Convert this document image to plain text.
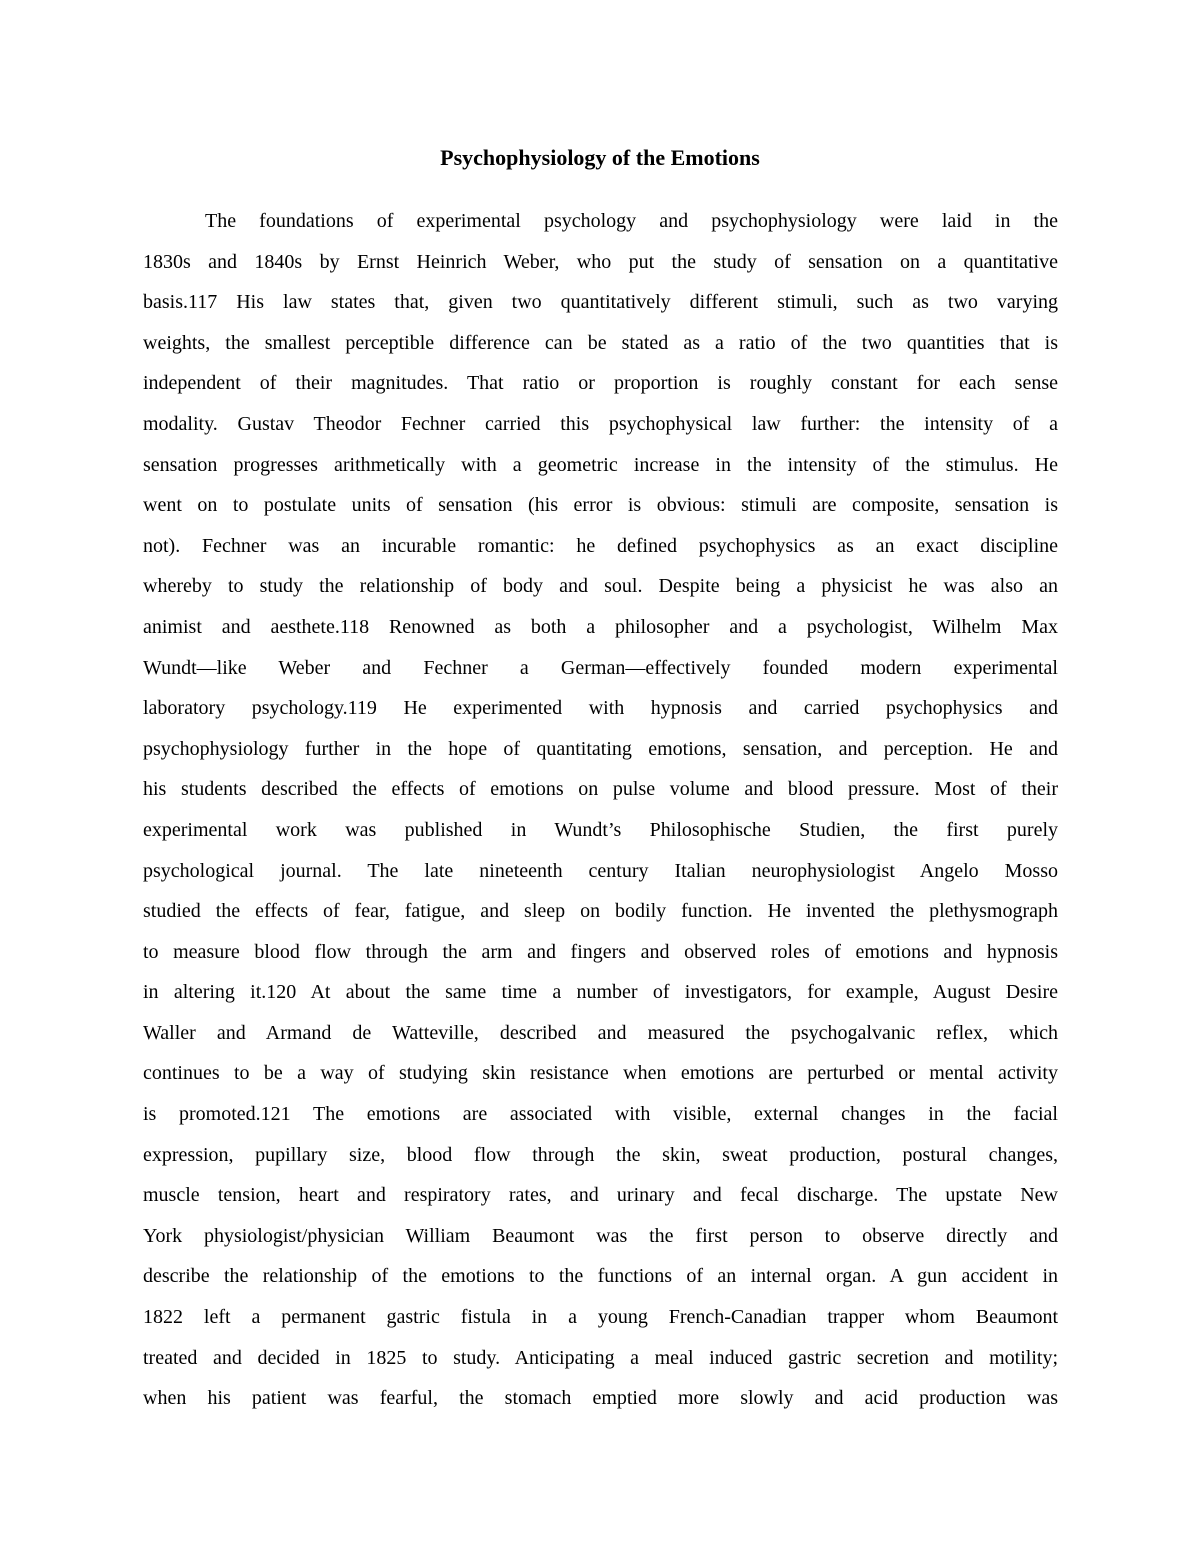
Psychophysiology of the Emotions
The foundations of experimental psychology and psychophysiology were laid in the
1830s and 1840s by Ernst Heinrich Weber, who put the study of sensation on a quantitative
basis.117 His law states that, given two quantitatively different stimuli, such as two varying
weights, the smallest perceptible difference can be stated as a ratio of the two quantities that is
independent of their magnitudes. That ratio or proportion is roughly constant for each sense
modality. Gustav Theodor Fechner carried this psychophysical law further: the intensity of a
sensation progresses arithmetically with a geometric increase in the intensity of the stimulus. He
went on to postulate units of sensation (his error is obvious: stimuli are composite, sensation is
not). Fechner was an incurable romantic: he defined psychophysics as an exact discipline
whereby to study the relationship of body and soul. Despite being a physicist he was also an
animist and aesthete.118 Renowned as both a philosopher and a psychologist, Wilhelm Max
Wundt—like Weber and Fechner a German—effectively founded modern experimental
laboratory psychology.119 He experimented with hypnosis and carried psychophysics and
psychophysiology further in the hope of quantitating emotions, sensation, and perception. He and
his students described the effects of emotions on pulse volume and blood pressure. Most of their
experimental work was published in Wundt’s Philosophische Studien, the first purely
psychological journal. The late nineteenth century Italian neurophysiologist Angelo Mosso
studied the effects of fear, fatigue, and sleep on bodily function. He invented the plethysmograph
to measure blood flow through the arm and fingers and observed roles of emotions and hypnosis
in altering it.120 At about the same time a number of investigators, for example, August Desire
Waller and Armand de Watteville, described and measured the psychogalvanic reflex, which
continues to be a way of studying skin resistance when emotions are perturbed or mental activity
is promoted.121 The emotions are associated with visible, external changes in the facial
expression, pupillary size, blood flow through the skin, sweat production, postural changes,
muscle tension, heart and respiratory rates, and urinary and fecal discharge. The upstate New
York physiologist/physician William Beaumont was the first person to observe directly and
describe the relationship of the emotions to the functions of an internal organ. A gun accident in
1822 left a permanent gastric fistula in a young French-Canadian trapper whom Beaumont
treated and decided in 1825 to study. Anticipating a meal induced gastric secretion and motility;
when his patient was fearful, the stomach emptied more slowly and acid production was
